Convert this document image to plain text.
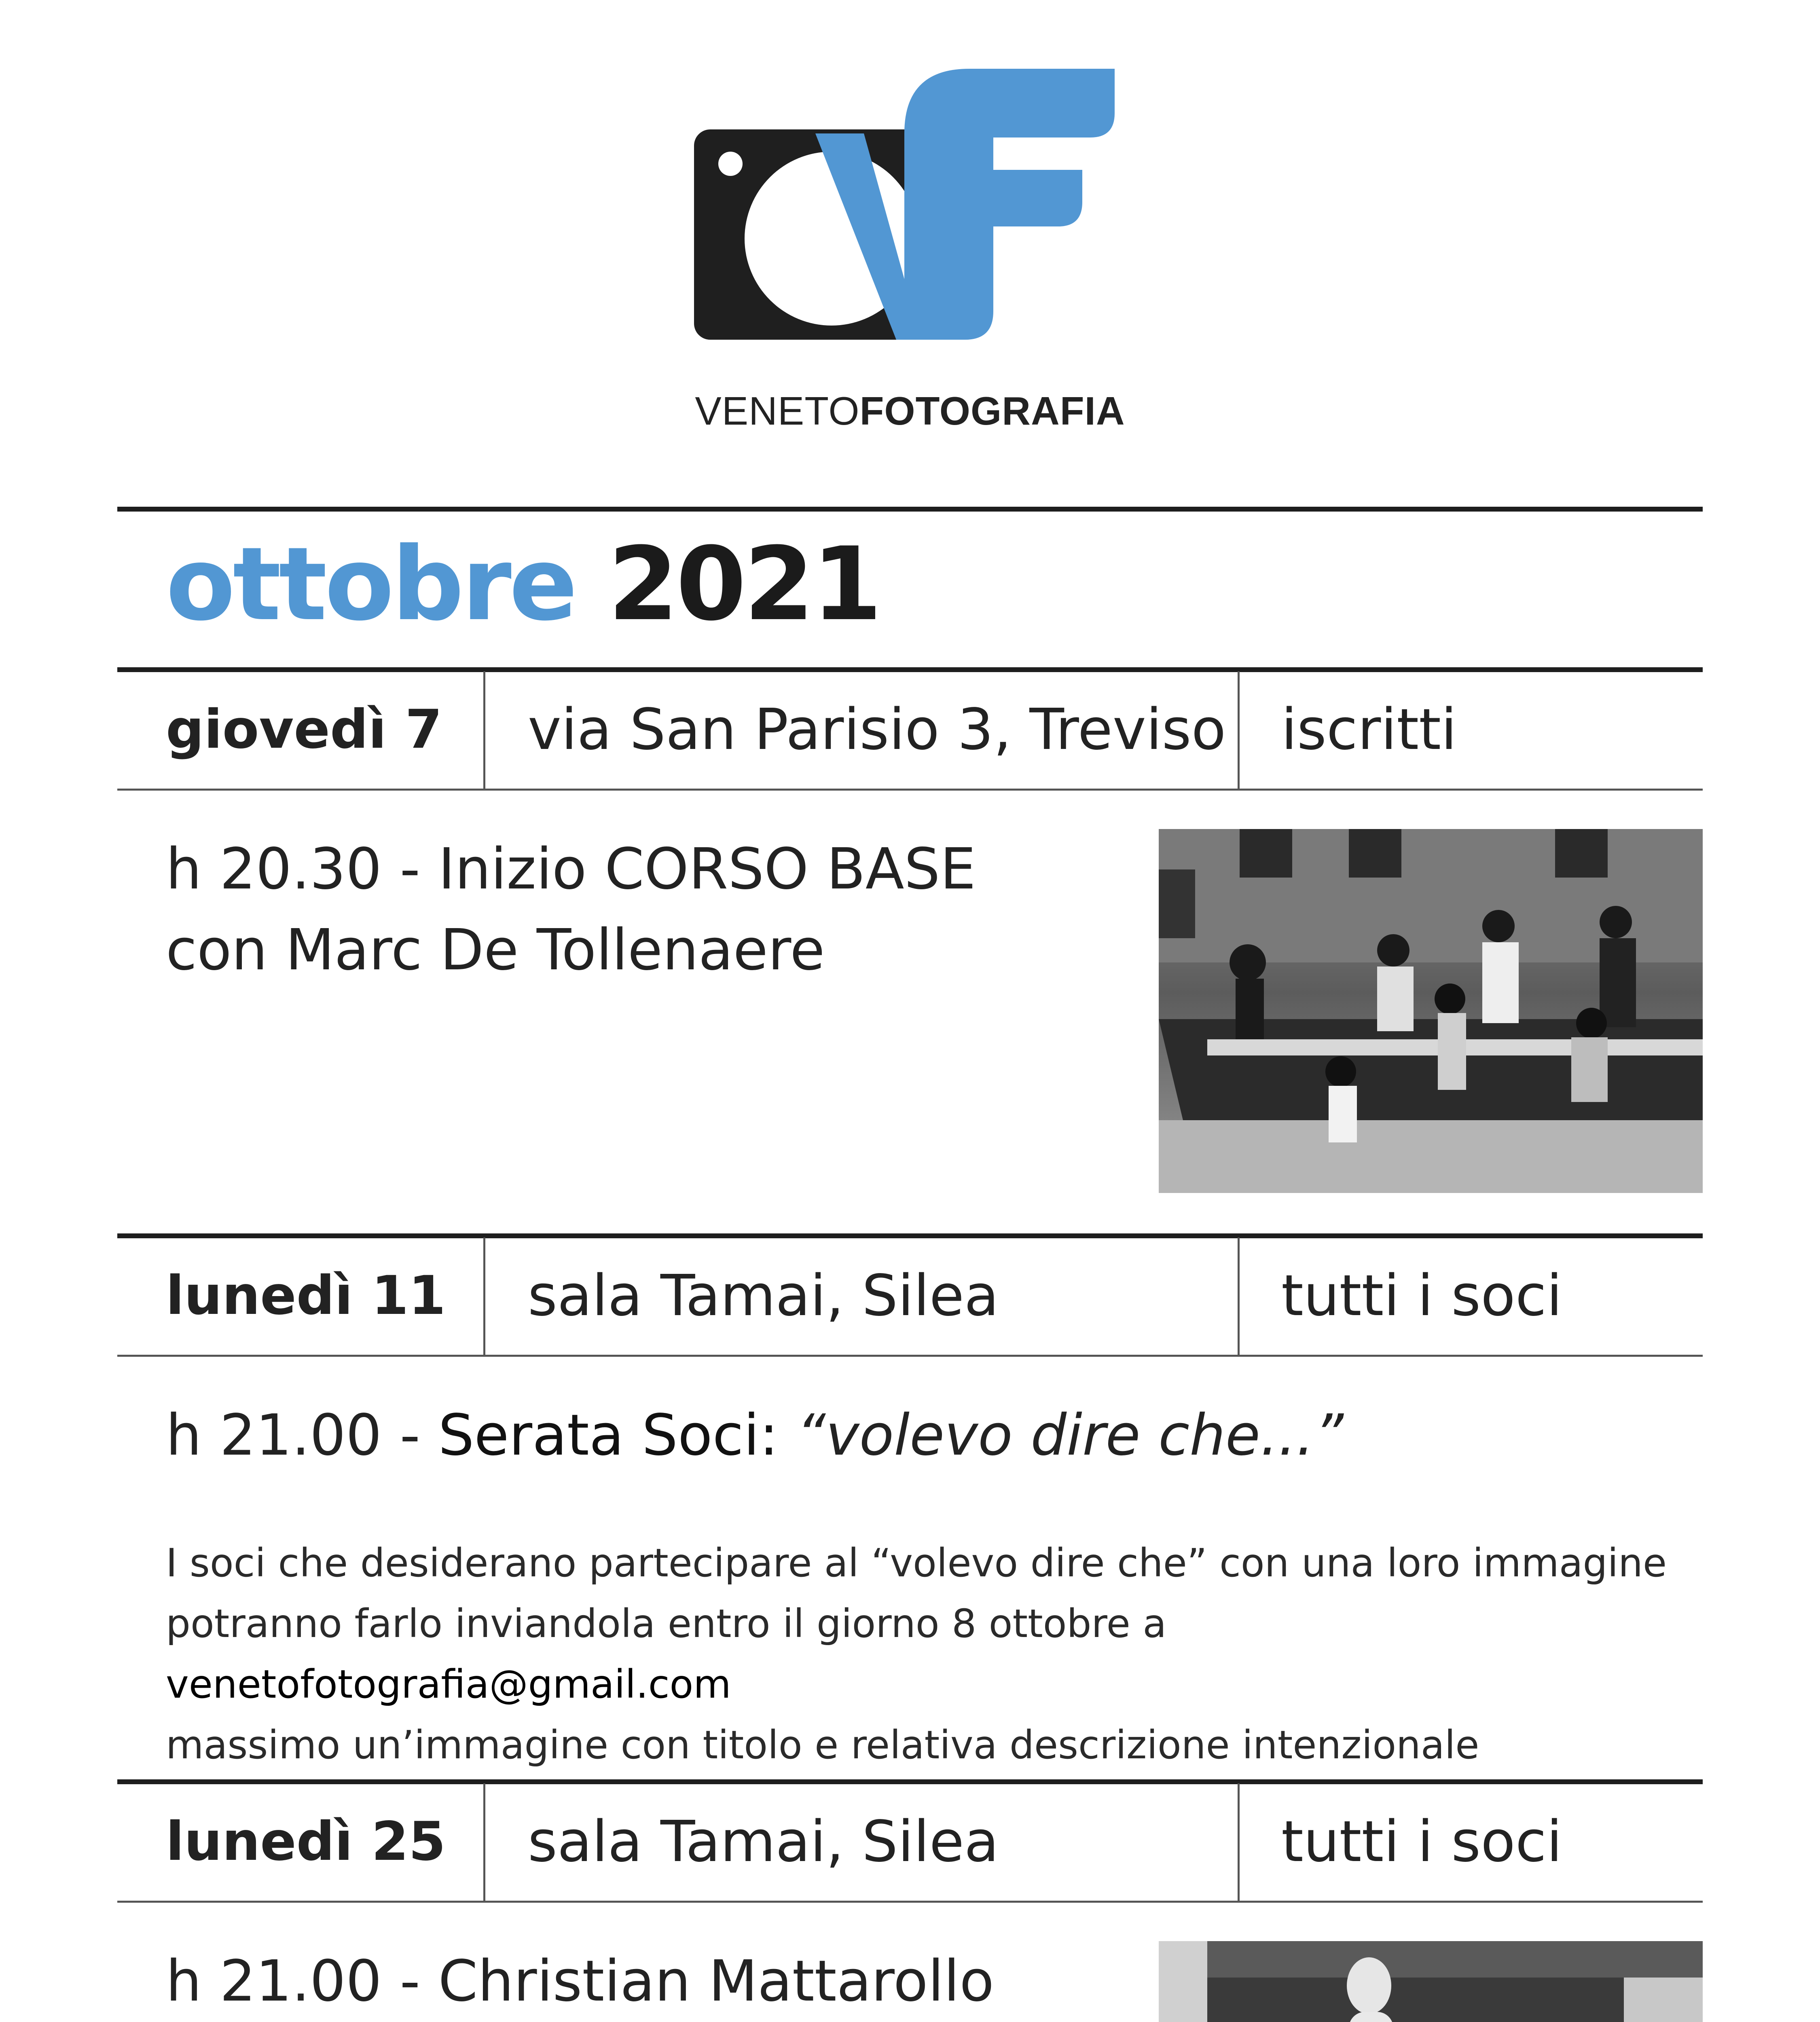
VENETOFOTOGRAFIA
ottobre 2021
giovedì 7 via San Parisio 3, Treviso iscritti
h 20.30 - Inizio CORSO BASE
con Marc De Tollenaere
lunedì 11 sala Tamai, Silea	tutti i soci
h 21.00 - Serata Soci: “volevo dire che...”
I soci che desiderano partecipare al “volevo dire che” con una loro immagine
potranno farlo inviandola entro il giorno 8 ottobre a venetofotografia@gmail.com
massimo un’immagine con titolo e relativa descrizione intenzionale
lunedì 25 sala Tamai, Silea	tutti i soci
h 21.00 - Christian Mattarollo
